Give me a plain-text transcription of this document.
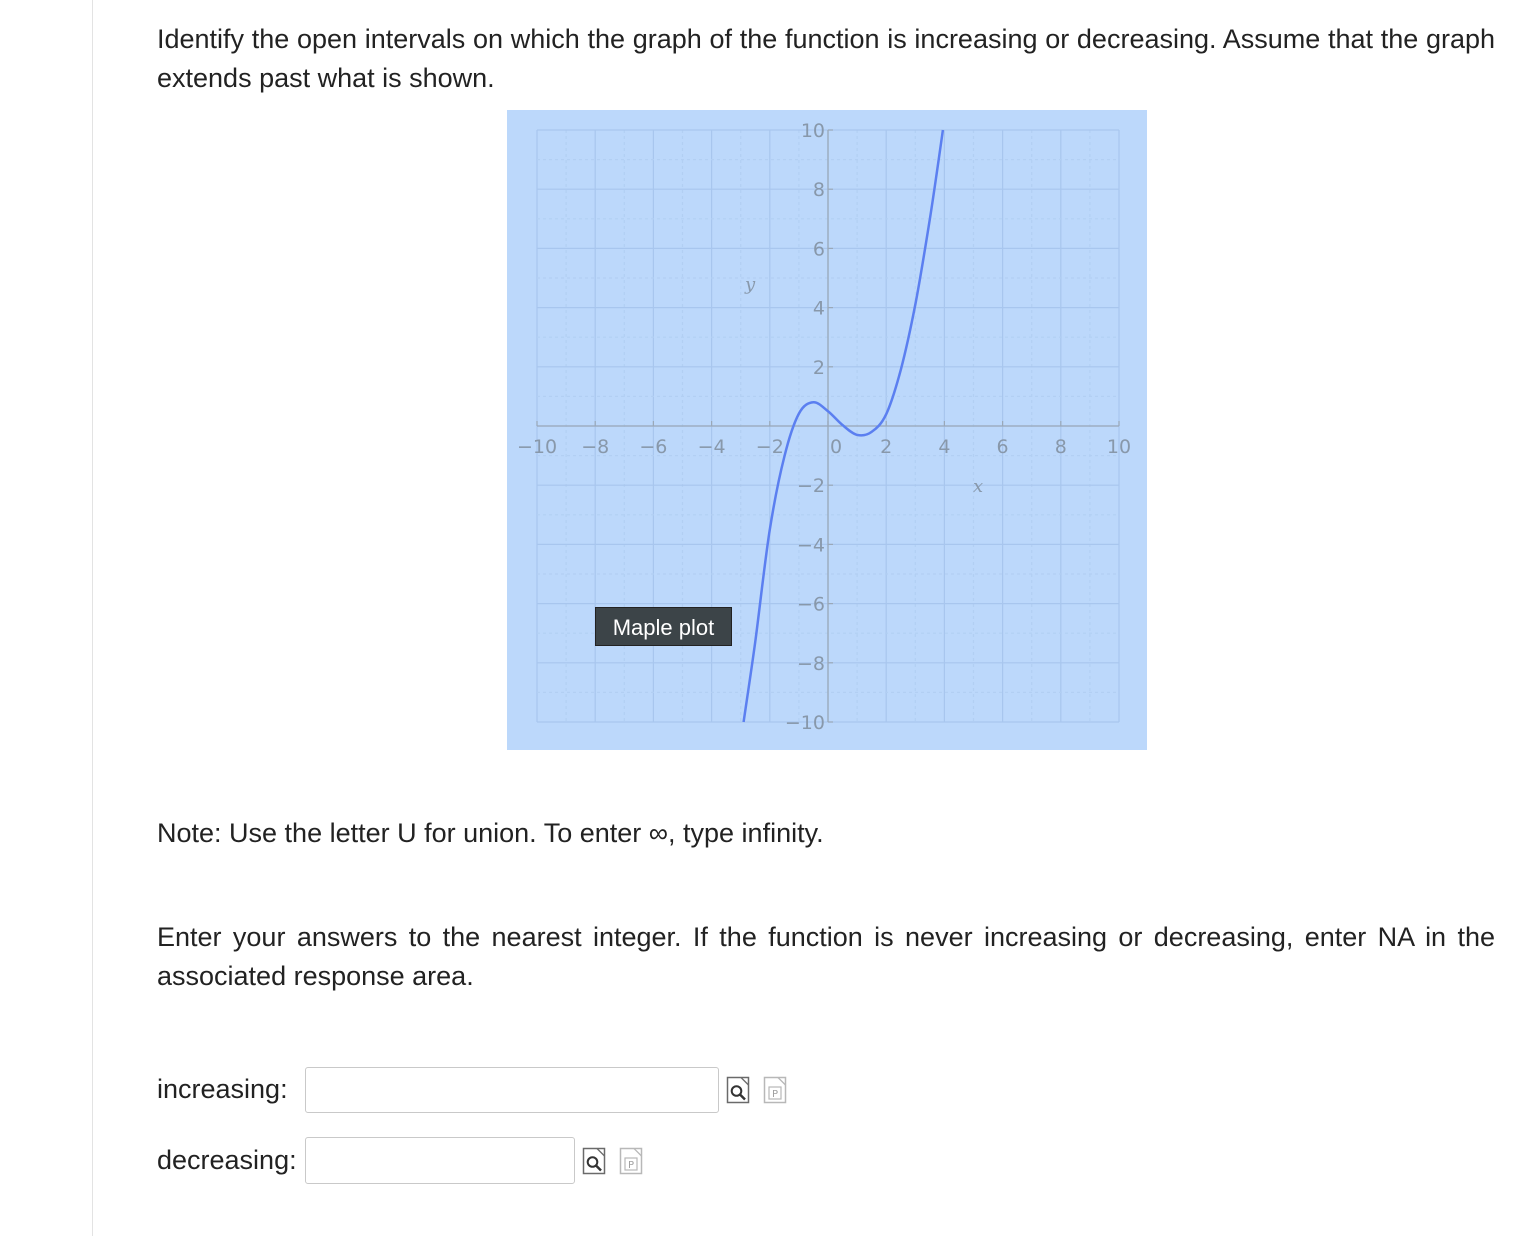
Identify the open intervals on which the graph of the function is increasing or decreasing. Assume that the graph extends past what is shown.
−10 −8 −6 −4 −2 0 2 4 6 8 10
10
8
6
4
2
−2
−4
−6
−8
−10
y
x
Maple plot
Note: Use the letter U for union. To enter ∞, type infinity.
Enter your answers to the nearest integer. If the function is never increasing or decreasing, enter NA in the associated response area.
increasing:	P
decreasing:	P
